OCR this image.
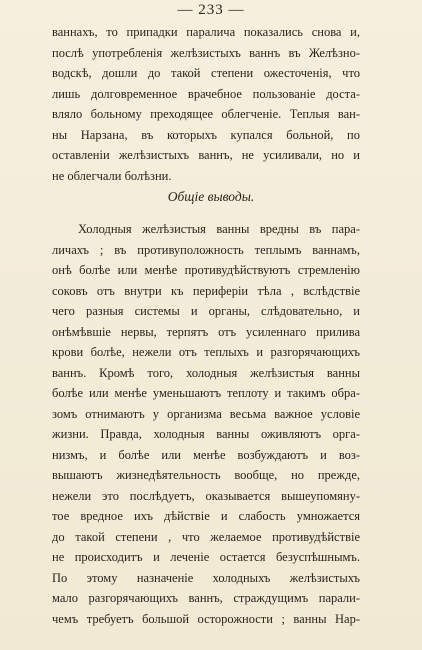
— 233 —
ваннахъ, то припадки паралича показались снова и,
послѣ употребленія желѣзистыхъ ваннъ въ Желѣзно-
водскѣ, дошли до такой степени ожесточенія, что
лишь долговременное врачебное пользованіе доста-
вляло больному преходящее облегченіе. Теплыя ван-
ны Нарзана, въ которыхъ купался больной, по
оставленіи желѣзистыхъ ваннъ, не усиливали, но и
не облегчали болѣзни.
Общіе выводы.
Холодныя желѣзистыя ванны вредны въ пара-
личахъ ; въ противуположность теплымъ ваннамъ,
онѣ болѣе или менѣе противудѣйствуютъ стремленію
соковъ отъ внутри къ периферіи тѣла , вслѣдствіе
чего разныя системы и органы, слѣдовательно, и
онѣмѣвшіе нервы, терпятъ отъ усиленнаго прилива
крови болѣе, нежели отъ теплыхъ и разгорячающихъ
ваннъ. Кромѣ того, холодныя желѣзистыя ванны
болѣе или менѣе уменьшаютъ теплоту и такимъ обра-
зомъ отнимаютъ у организма весьма важное условіе
жизни. Правда, холодныя ванны оживляютъ орга-
низмъ, и болѣе или менѣе возбуждаютъ и воз-
вышаютъ жизнедѣятельность вообще, но прежде,
нежели это послѣдуетъ, оказывается вышеупомяну-
тое вредное ихъ дѣйствіе и слабость умножается
до такой степени , что желаемое противудѣйствіе
не происходитъ и леченіе остается безуспѣшнымъ.
По этому назначеніе холодныхъ желѣзистыхъ
мало разгорячающихъ ваннъ, страждущимъ парали-
чемъ требуетъ большой осторожности ; ванны Нар-
